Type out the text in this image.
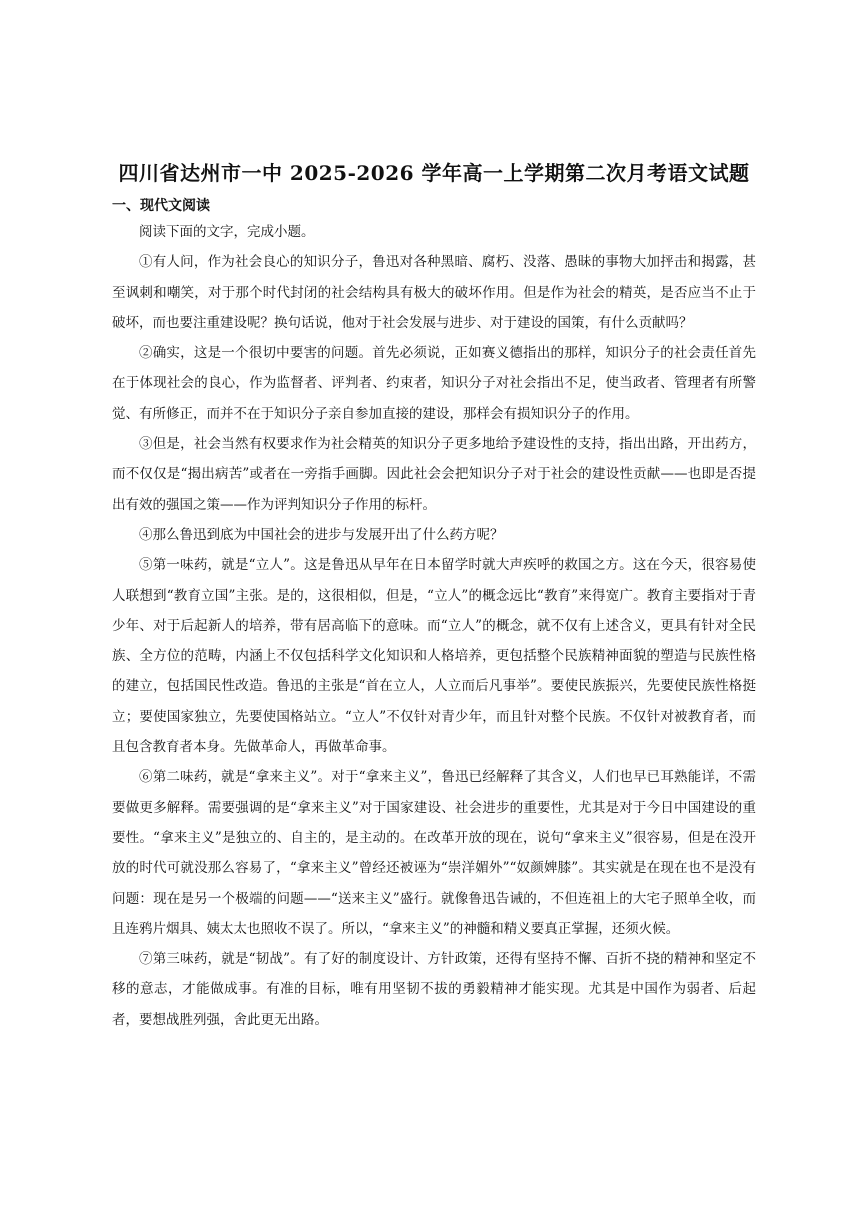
四川省达州市一中 2025-2026 学年高一上学期第二次月考语文试题
一、现代文阅读

阅读下面的文字，完成小题。

①有人问，作为社会良心的知识分子，鲁迅对各种黑暗、腐朽、没落、愚昧的事物大加抨击和揭露，甚至讽刺和嘲笑，对于那个时代封闭的社会结构具有极大的破坏作用。但是作为社会的精英，是否应当不止于破坏，而也要注重建设呢？换句话说，他对于社会发展与进步、对于建设的国策，有什么贡献吗？

②确实，这是一个很切中要害的问题。首先必须说，正如赛义德指出的那样，知识分子的社会责任首先在于体现社会的良心，作为监督者、评判者、约束者，知识分子对社会指出不足，使当政者、管理者有所警觉、有所修正，而并不在于知识分子亲自参加直接的建设，那样会有损知识分子的作用。

③但是，社会当然有权要求作为社会精英的知识分子更多地给予建设性的支持，指出出路，开出药方，而不仅仅是“揭出病苦”或者在一旁指手画脚。因此社会会把知识分子对于社会的建设性贡献——也即是否提出有效的强国之策——作为评判知识分子作用的标杆。

④那么鲁迅到底为中国社会的进步与发展开出了什么药方呢？

⑤第一味药，就是“立人”。这是鲁迅从早年在日本留学时就大声疾呼的救国之方。这在今天，很容易使人联想到“教育立国”主张。是的，这很相似，但是，“立人”的概念远比“教育”来得宽广。教育主要指对于青少年、对于后起新人的培养，带有居高临下的意味。而“立人”的概念，就不仅有上述含义，更具有针对全民族、全方位的范畴，内涵上不仅包括科学文化知识和人格培养，更包括整个民族精神面貌的塑造与民族性格的建立，包括国民性改造。鲁迅的主张是“首在立人，人立而后凡事举”。要使民族振兴，先要使民族性格挺立；要使国家独立，先要使国格站立。“立人”不仅针对青少年，而且针对整个民族。不仅针对被教育者，而且包含教育者本身。先做革命人，再做革命事。

⑥第二味药，就是“拿来主义”。对于“拿来主义”，鲁迅已经解释了其含义，人们也早已耳熟能详，不需要做更多解释。需要强调的是“拿来主义”对于国家建设、社会进步的重要性，尤其是对于今日中国建设的重要性。“拿来主义”是独立的、自主的，是主动的。在改革开放的现在，说句“拿来主义”很容易，但是在没开放的时代可就没那么容易了，“拿来主义”曾经还被诬为“崇洋媚外”“奴颜婢膝”。其实就是在现在也不是没有问题：现在是另一个极端的问题——“送来主义”盛行。就像鲁迅告诫的，不但连祖上的大宅子照单全收，而且连鸦片烟具、姨太太也照收不误了。所以，“拿来主义”的神髓和精义要真正掌握，还须火候。

⑦第三味药，就是“韧战”。有了好的制度设计、方针政策，还得有坚持不懈、百折不挠的精神和坚定不移的意志，才能做成事。有准的目标，唯有用坚韧不拔的勇毅精神才能实现。尤其是中国作为弱者、后起者，要想战胜列强，舍此更无出路。
